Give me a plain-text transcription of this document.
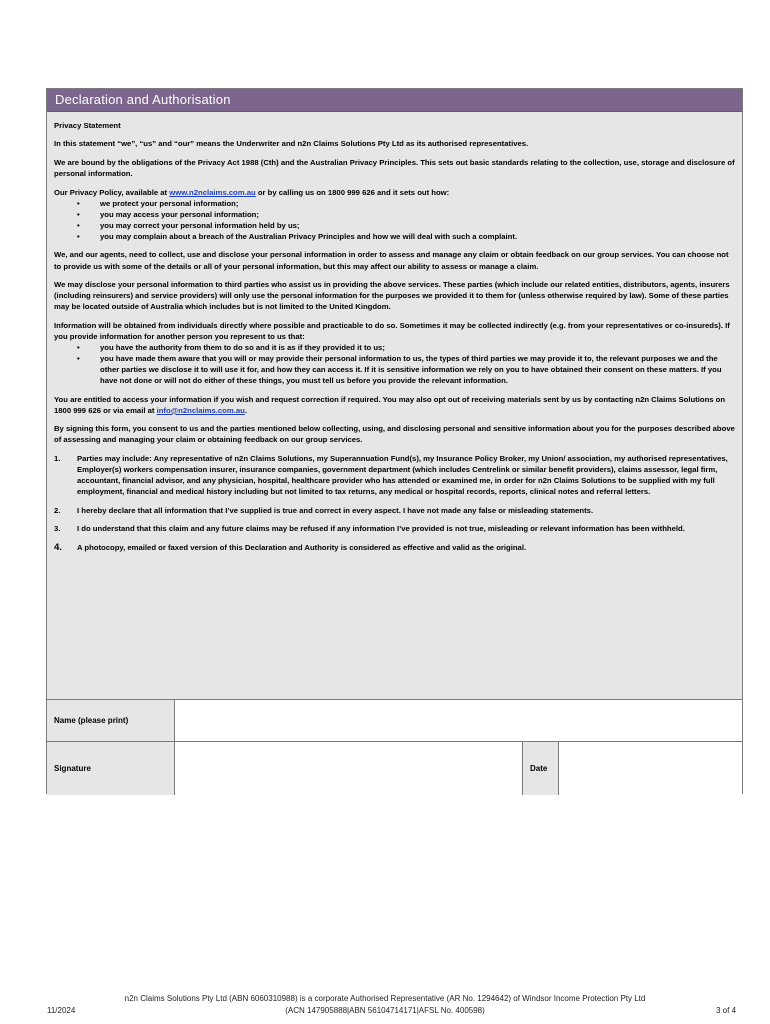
Declaration and Authorisation

Privacy Statement

In this statement “we”, “us” and “our” means the Underwriter and n2n Claims Solutions Pty Ltd as its authorised representatives.

We are bound by the obligations of the Privacy Act 1988 (Cth) and the Australian Privacy Principles. This sets out basic standards relating to the collection, use, storage and disclosure of personal information.

Our Privacy Policy, available at www.n2nclaims.com.au or by calling us on 1800 999 626 and it sets out how:

• we protect your personal information;
• you may access your personal information;
• you may correct your personal information held by us;
• you may complain about a breach of the Australian Privacy Principles and how we will deal with such a complaint.

We, and our agents, need to collect, use and disclose your personal information in order to assess and manage any claim or obtain feedback on our group services. You can choose not to provide us with some of the details or all of your personal information, but this may affect our ability to assess or manage a claim.

We may disclose your personal information to third parties who assist us in providing the above services. These parties (which include our related entities, distributors, agents, insurers (including reinsurers) and service providers) will only use the personal information for the purposes we provided it to them for (unless otherwise required by law). Some of these parties may be located outside of Australia which includes but is not limited to the United Kingdom.

Information will be obtained from individuals directly where possible and practicable to do so. Sometimes it may be collected indirectly (e.g. from your representatives or co-insureds). If you provide information for another person you represent to us that:

• you have the authority from them to do so and it is as if they provided it to us;
• you have made them aware that you will or may provide their personal information to us, the types of third parties we may provide it to, the relevant purposes we and the other parties we disclose it to will use it for, and how they can access it. If it is sensitive information we rely on you to have obtained their consent on these matters. If you have not done or will not do either of these things, you must tell us before you provide the relevant information.

You are entitled to access your information if you wish and request correction if required. You may also opt out of receiving materials sent by us by contacting n2n Claims Solutions on 1800 999 626 or via email at info@n2nclaims.com.au.

By signing this form, you consent to us and the parties mentioned below collecting, using, and disclosing personal and sensitive information about you for the purposes described above of assessing and managing your claim or obtaining feedback on our group services.

1.	Parties may include: Any representative of n2n Claims Solutions, my Superannuation Fund(s), my Insurance Policy Broker, my Union/ association, my authorised representatives, Employer(s) workers compensation insurer, insurance companies, government department (which includes Centrelink or similar benefit providers), claims assessor, legal firm, accountant, financial advisor, and any physician, hospital, healthcare provider who has attended or examined me, in order for n2n Claims Solutions to be supplied with my full employment, financial and medical history including but not limited to tax returns, any medical or hospital records, reports, clinical notes and referral letters.
2.	I hereby declare that all information that I’ve supplied is true and correct in every aspect. I have not made any false or misleading statements.
3.	I do understand that this claim and any future claims may be refused if any information I’ve provided is not true, misleading or relevant information has been withheld.
4.	A photocopy, emailed or faxed version of this Declaration and Authority is considered as effective and valid as the original.
Name (please print)
Signature	Date
n2n Claims Solutions Pty Ltd (ABN 6060310988) is a corporate Authorised Representative (AR No. 1294642) of Windsor Income Protection Pty Ltd
(ACN 147905888|ABN 56104714171|AFSL No. 400598)
11/2024	3 of 4
